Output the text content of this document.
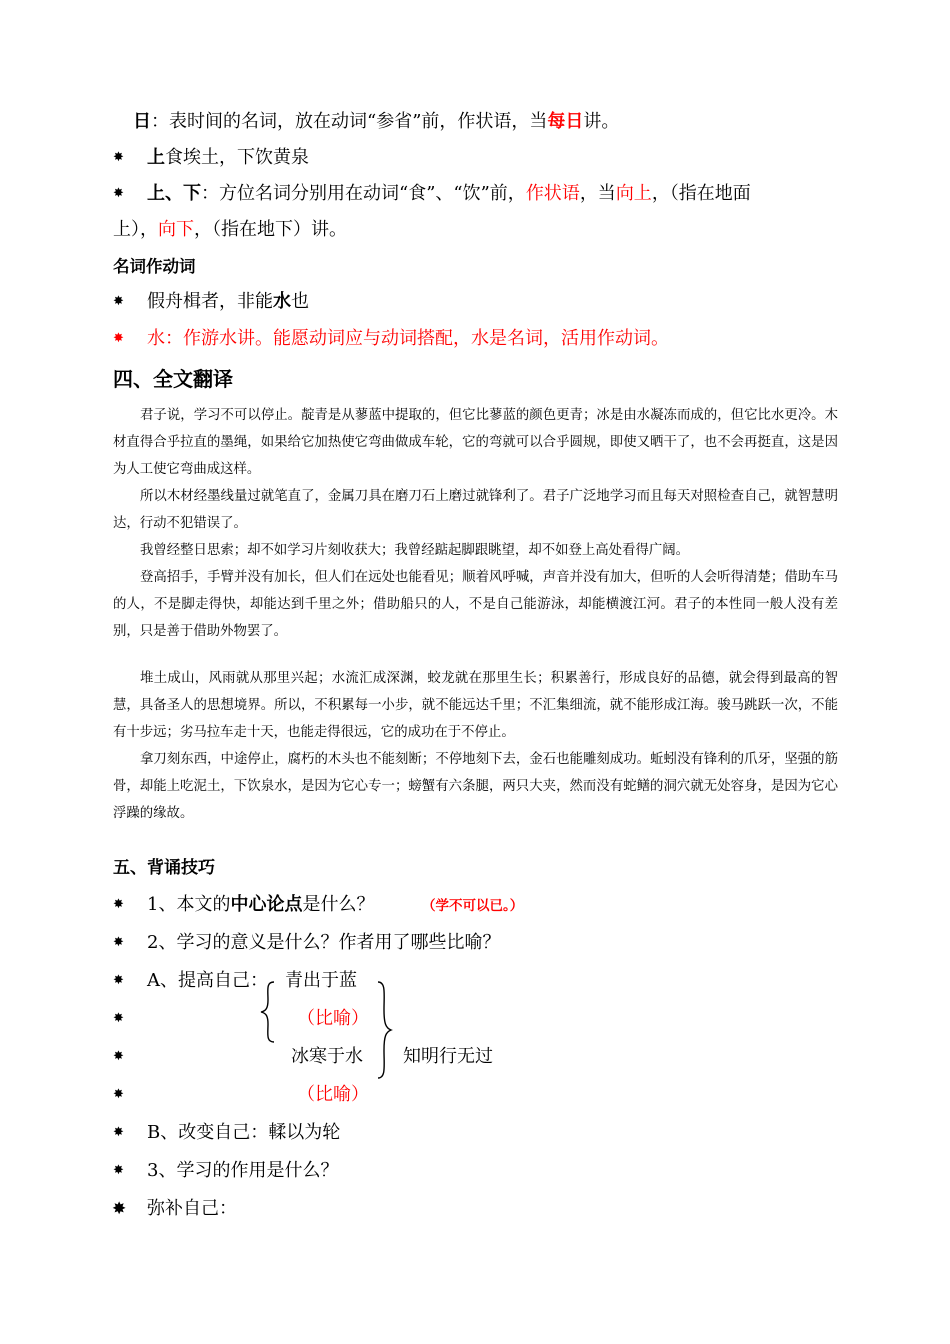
日：表时间的名词，放在动词“参省”前，作状语，当每日讲。
✸ 上食埃土，下饮黄泉
✸ 上、下：方位名词分别用在动词“食”、“饮”前，作状语，当向上，（指在地面
上），向下，（指在地下）讲。
名词作动词
✸ 假舟楫者，非能水也
✸ 水：作游水讲。能愿动词应与动词搭配，水是名词，活用作动词。
四、全文翻译

君子说，学习不可以停止。靛青是从蓼蓝中提取的，但它比蓼蓝的颜色更青；冰是由水凝冻而成的，但它比水更冷。木材直得合乎拉直的墨绳，如果给它加热使它弯曲做成车轮，它的弯就可以合乎圆规，即使又晒干了，也不会再挺直，这是因为人工使它弯曲成这样。

所以木材经墨线量过就笔直了，金属刀具在磨刀石上磨过就锋利了。君子广泛地学习而且每天对照检查自己，就智慧明达，行动不犯错误了。

我曾经整日思索；却不如学习片刻收获大；我曾经踮起脚跟眺望，却不如登上高处看得广阔。

登高招手，手臂并没有加长，但人们在远处也能看见；顺着风呼喊，声音并没有加大，但听的人会听得清楚；借助车马的人，不是脚走得快，却能达到千里之外；借助船只的人，不是自己能游泳，却能横渡江河。君子的本性同一般人没有差别，只是善于借助外物罢了。

堆土成山，风雨就从那里兴起；水流汇成深渊，蛟龙就在那里生长；积累善行，形成良好的品德，就会得到最高的智慧，具备圣人的思想境界。所以，不积累每一小步，就不能远达千里；不汇集细流，就不能形成江海。骏马跳跃一次，不能有十步远；劣马拉车走十天，也能走得很远，它的成功在于不停止。

拿刀刻东西，中途停止，腐朽的木头也不能刻断；不停地刻下去，金石也能雕刻成功。蚯蚓没有锋利的爪牙，坚强的筋骨，却能上吃泥土，下饮泉水，是因为它心专一；螃蟹有六条腿，两只大夹，然而没有蛇鳝的洞穴就无处容身，是因为它心浮躁的缘故。

五、背诵技巧
✸ 1、本文的中心论点是什么？	（学不可以已。）
✸ 2、学习的意义是什么？作者用了哪些比喻？
✸ A、提高自己： 青出于蓝
✸	（比喻）
✸	冰寒于水 知明行无过
✸	（比喻）
✸ B、改变自己：輮以为轮
✸ 3、学习的作用是什么？
✸ 弥补自己：
